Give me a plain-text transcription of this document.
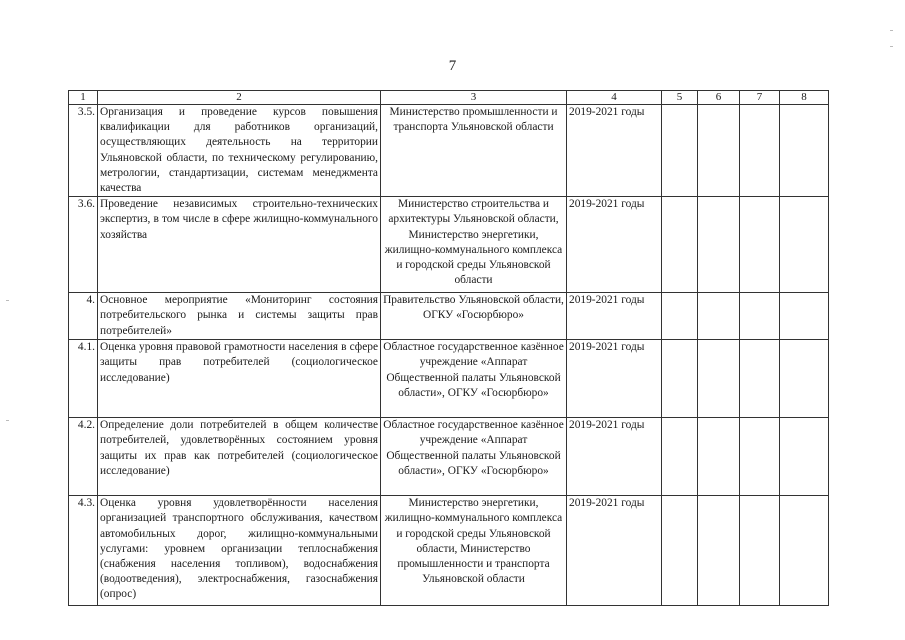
7
1	2	3	4	5	6	7	8
3.5.	Организация и проведение курсов повышения квалификации для работников организаций, осуществляющих деятельность на территории Ульяновской области, по техническому регулированию, метрологии, стандартизации, системам менеджмента качества	Министерство промышленности и транспорта Ульяновской области	2019-2021 годы				
3.6.	Проведение независимых строительно-технических экспертиз, в том числе в сфере жилищно-коммунального хозяйства	Министерство строительства и архитектуры Ульяновской области, Министерство энергетики, жилищно-коммунального комплекса и городской среды Ульяновской области	2019-2021 годы				
4.	Основное мероприятие «Мониторинг состояния потребительского рынка и системы защиты прав потребителей»	Правительство Ульяновской области, ОГКУ «Госюрбюро»	2019-2021 годы				
4.1.	Оценка уровня правовой грамотности населения в сфере защиты прав потребителей (социологическое исследование)	Областное государственное казённое учреждение «Аппарат Общественной палаты Ульяновской области», ОГКУ «Госюрбюро»	2019-2021 годы				
4.2.	Определение доли потребителей в общем количестве потребителей, удовлетворённых состоянием уровня защиты их прав как потребителей (социологическое исследование)	Областное государственное казённое учреждение «Аппарат Общественной палаты Ульяновской области», ОГКУ «Госюрбюро»	2019-2021 годы				
4.3.	Оценка уровня удовлетворённости населения организацией транспортного обслуживания, качеством автомобильных дорог, жилищно-коммунальными услугами: уровнем организации теплоснабжения (снабжения населения топливом), водоснабжения (водоотведения), электроснабжения, газоснабжения (опрос)	Министерство энергетики, жилищно-коммунального комплекса и городской среды Ульяновской области, Министерство промышленности и транспорта Ульяновской области	2019-2021 годы				
